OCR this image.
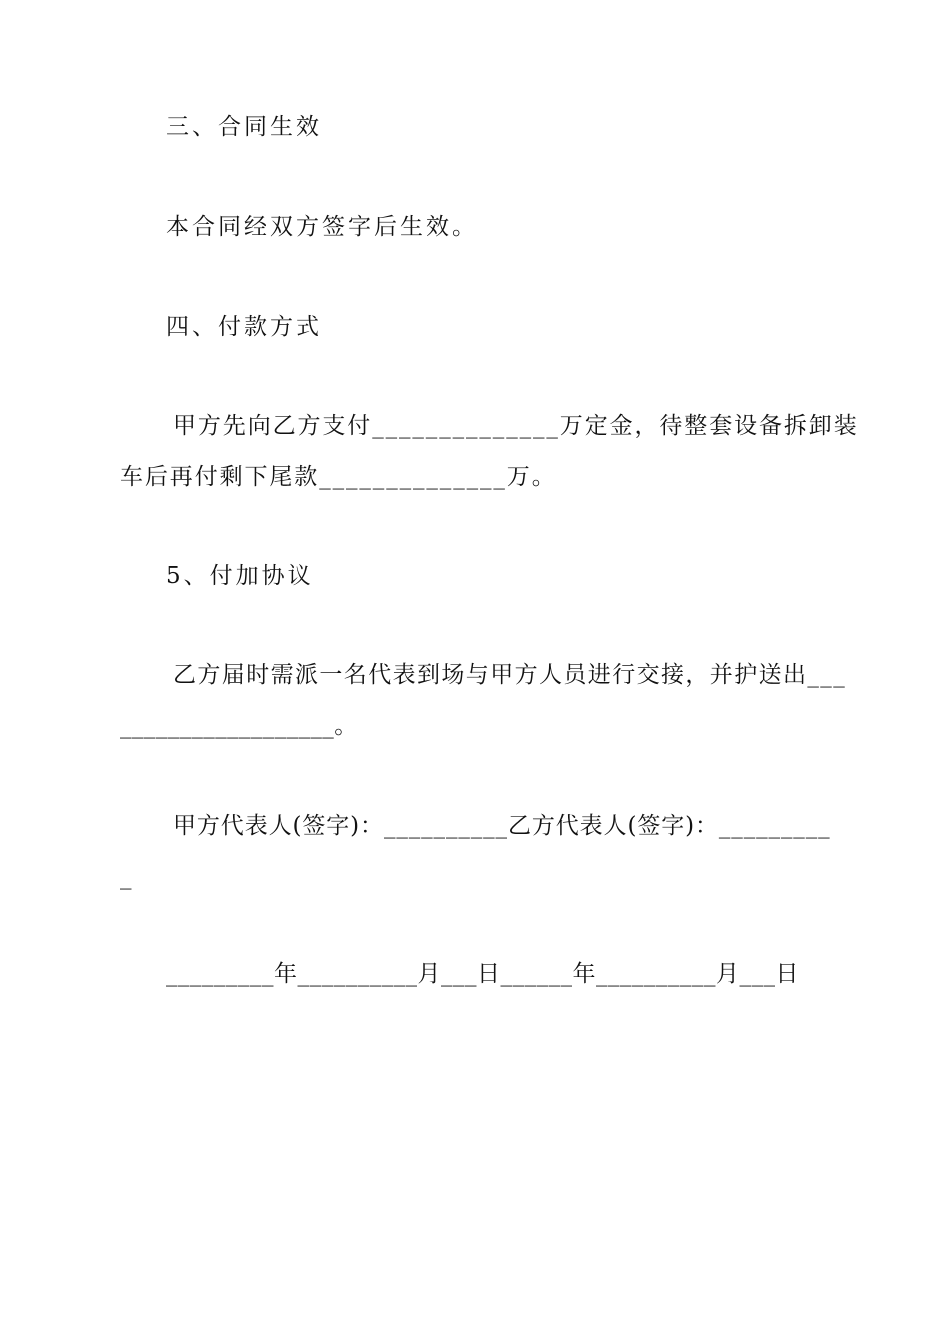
三、合同生效
本合同经双方签字后生效。
四、付款方式
甲方先向乙方支付______________万定金，待整套设备拆卸装
车后再付剩下尾款______________万。
5、付加协议
乙方届时需派一名代表到场与甲方人员进行交接，并护送出___
__________________。
甲方代表人(签字)：__________乙方代表人(签字)：_________
_
_________年__________月___日______年__________月___日
